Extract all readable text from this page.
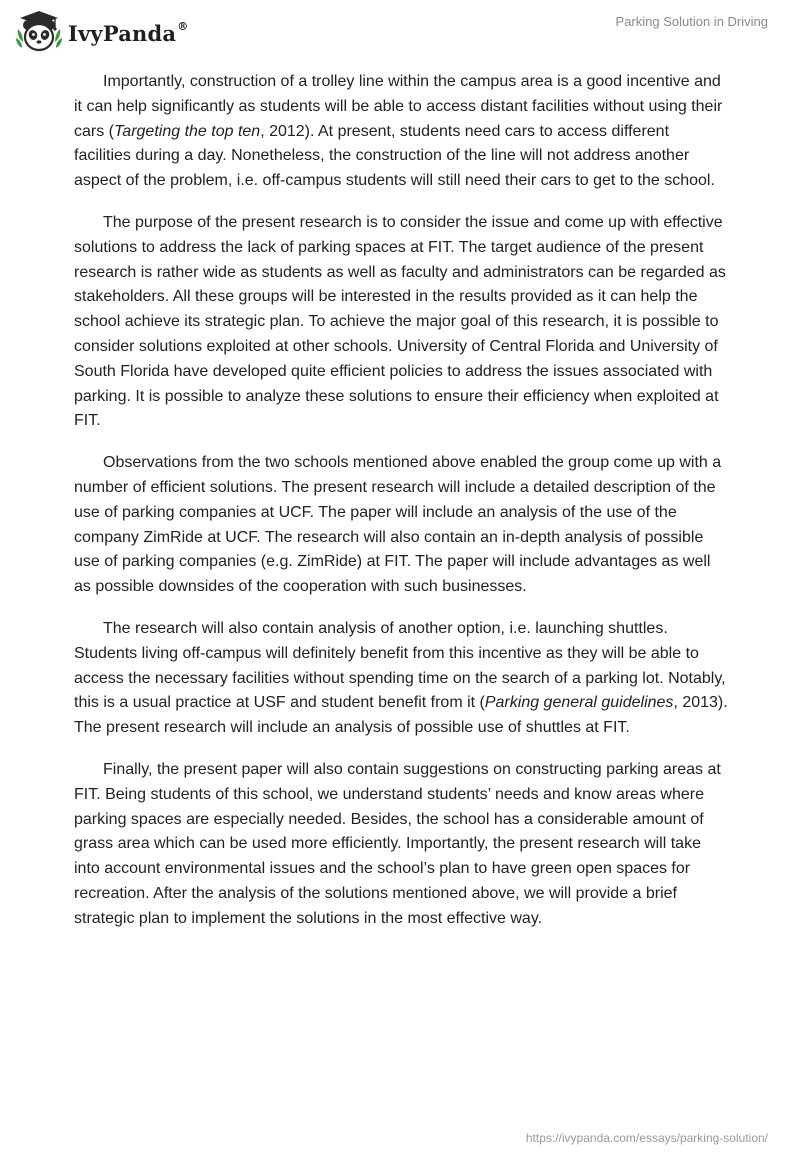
IvyPanda®	Parking Solution in Driving

Importantly, construction of a trolley line within the campus area is a good incentive and it can help significantly as students will be able to access distant facilities without using their cars (Targeting the top ten, 2012). At present, students need cars to access different facilities during a day. Nonetheless, the construction of the line will not address another aspect of the problem, i.e. off-campus students will still need their cars to get to the school.

The purpose of the present research is to consider the issue and come up with effective solutions to address the lack of parking spaces at FIT. The target audience of the present research is rather wide as students as well as faculty and administrators can be regarded as stakeholders. All these groups will be interested in the results provided as it can help the school achieve its strategic plan. To achieve the major goal of this research, it is possible to consider solutions exploited at other schools. University of Central Florida and University of South Florida have developed quite efficient policies to address the issues associated with parking. It is possible to analyze these solutions to ensure their efficiency when exploited at FIT.

Observations from the two schools mentioned above enabled the group come up with a number of efficient solutions. The present research will include a detailed description of the use of parking companies at UCF. The paper will include an analysis of the use of the company ZimRide at UCF. The research will also contain an in-depth analysis of possible use of parking companies (e.g. ZimRide) at FIT. The paper will include advantages as well as possible downsides of the cooperation with such businesses.

The research will also contain analysis of another option, i.e. launching shuttles. Students living off-campus will definitely benefit from this incentive as they will be able to access the necessary facilities without spending time on the search of a parking lot. Notably, this is a usual practice at USF and student benefit from it (Parking general guidelines, 2013). The present research will include an analysis of possible use of shuttles at FIT.

Finally, the present paper will also contain suggestions on constructing parking areas at FIT. Being students of this school, we understand students’ needs and know areas where parking spaces are especially needed. Besides, the school has a considerable amount of grass area which can be used more efficiently. Importantly, the present research will take into account environmental issues and the school’s plan to have green open spaces for recreation. After the analysis of the solutions mentioned above, we will provide a brief strategic plan to implement the solutions in the most effective way.

https://ivypanda.com/essays/parking-solution/
